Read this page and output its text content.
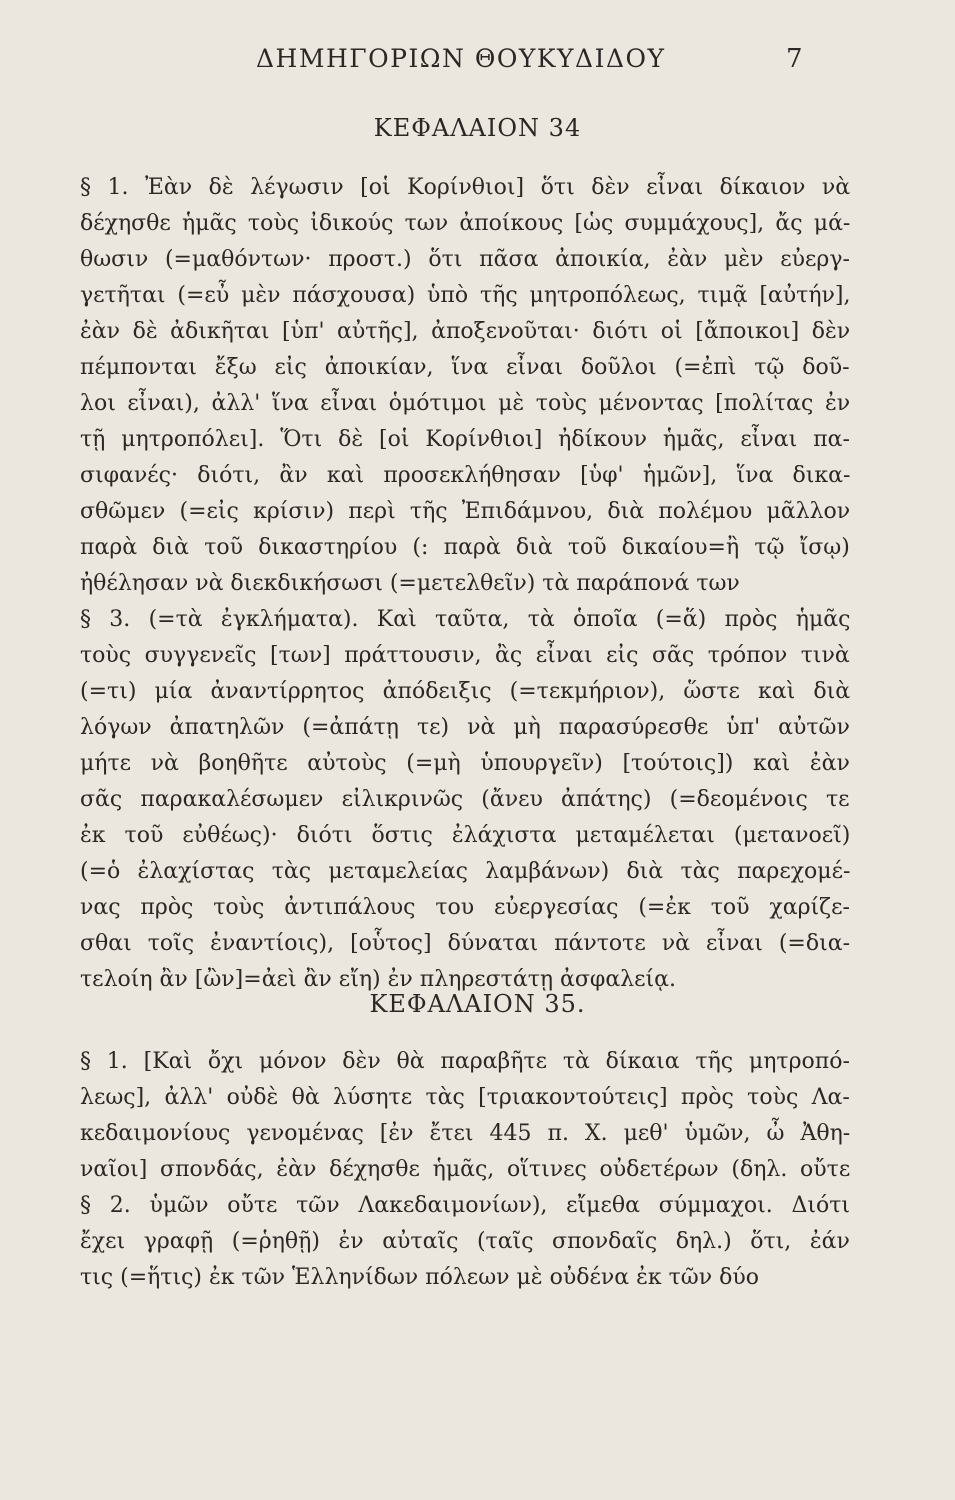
ΔΗΜΗΓΟΡΙΩΝ ΘΟΥΚΥΔΙΔΟΥ	7
ΚΕΦΑΛΑΙΟΝ 34
§ 1. Ἐὰν δὲ λέγωσιν [οἱ Κορίνθιοι] ὅτι δὲν εἶναι δίκαιον νὰ
δέχησθε ἡμᾶς τοὺς ἰδικούς των ἀποίκους [ὡς συμμάχους], ἄς μά-
θωσιν (=μαθόντων· προστ.) ὅτι πᾶσα ἀποικία, ἐὰν μὲν εὐεργ-
γετῆται (=εὖ μὲν πάσχουσα) ὑπὸ τῆς μητροπόλεως, τιμᾷ [αὐτήν],
ἐὰν δὲ ἀδικῆται [ὑπ' αὐτῆς], ἀποξενοῦται· διότι οἱ [ἄποικοι] δὲν
πέμπονται ἔξω εἰς ἀποικίαν, ἵνα εἶναι δοῦλοι (=ἐπὶ τῷ δοῦ-
λοι εἶναι), ἀλλ' ἵνα εἶναι ὁμότιμοι μὲ τοὺς μένοντας [πολίτας ἐν
τῇ μητροπόλει]. Ὅτι δὲ [οἱ Κορίνθιοι] ἠδίκουν ἡμᾶς, εἶναι πα-
σιφανές· διότι, ἂν καὶ προσεκλήθησαν [ὑφ' ἡμῶν], ἵνα δικα-
σθῶμεν (=εἰς κρίσιν) περὶ τῆς Ἐπιδάμνου, διὰ πολέμου μᾶλλον
παρὰ διὰ τοῦ δικαστηρίου (: παρὰ διὰ τοῦ δικαίου=ἢ τῷ ἴσῳ)
ἠθέλησαν νὰ διεκδικήσωσι (=μετελθεῖν) τὰ παράπονά των
§ 3. (=τὰ ἐγκλήματα). Καὶ ταῦτα, τὰ ὁποῖα (=ἅ) πρὸς ἡμᾶς
τοὺς συγγενεῖς [των] πράττουσιν, ἂς εἶναι εἰς σᾶς τρόπον τινὰ
(=τι) μία ἀναντίρρητος ἀπόδειξις (=τεκμήριον), ὥστε καὶ διὰ
λόγων ἀπατηλῶν (=ἀπάτῃ τε) νὰ μὴ παρασύρεσθε ὑπ' αὐτῶν
μήτε νὰ βοηθῆτε αὐτοὺς (=μὴ ὑπουργεῖν) [τούτοις]) καὶ ἐὰν
σᾶς παρακαλέσωμεν εἰλικρινῶς (ἄνευ ἀπάτης) (=δεομένοις τε
ἐκ τοῦ εὐθέως)· διότι ὅστις ἐλάχιστα μεταμέλεται (μετανοεῖ)
(=ὁ ἐλαχίστας τὰς μεταμελείας λαμβάνων) διὰ τὰς παρεχομέ-
νας πρὸς τοὺς ἀντιπάλους του εὐεργεσίας (=ἐκ τοῦ χαρίζε-
σθαι τοῖς ἐναντίοις), [οὗτος] δύναται πάντοτε νὰ εἶναι (=δια-
τελοίη ἂν [ὢν]=ἀεὶ ἂν εἴη) ἐν πληρεστάτῃ ἀσφαλείᾳ.
ΚΕΦΑΛΑΙΟΝ 35.
§ 1. [Καὶ ὄχι μόνον δὲν θὰ παραβῆτε τὰ δίκαια τῆς μητροπό-
λεως], ἀλλ' οὐδὲ θὰ λύσητε τὰς [τριακοντούτεις] πρὸς τοὺς Λα-
κεδαιμονίους γενομένας [ἐν ἔτει 445 π. Χ. μεθ' ὑμῶν, ὦ Ἀθη-
ναῖοι] σπονδάς, ἐὰν δέχησθε ἡμᾶς, οἵτινες οὐδετέρων (δηλ. οὔτε
§ 2. ὑμῶν οὔτε τῶν Λακεδαιμονίων), εἴμεθα σύμμαχοι. Διότι
ἔχει γραφῇ (=ῥηθῇ) ἐν αὐταῖς (ταῖς σπονδαῖς δηλ.) ὅτι, ἐάν
τις (=ἥτις) ἐκ τῶν Ἑλληνίδων πόλεων μὲ οὐδένα ἐκ τῶν δύο
